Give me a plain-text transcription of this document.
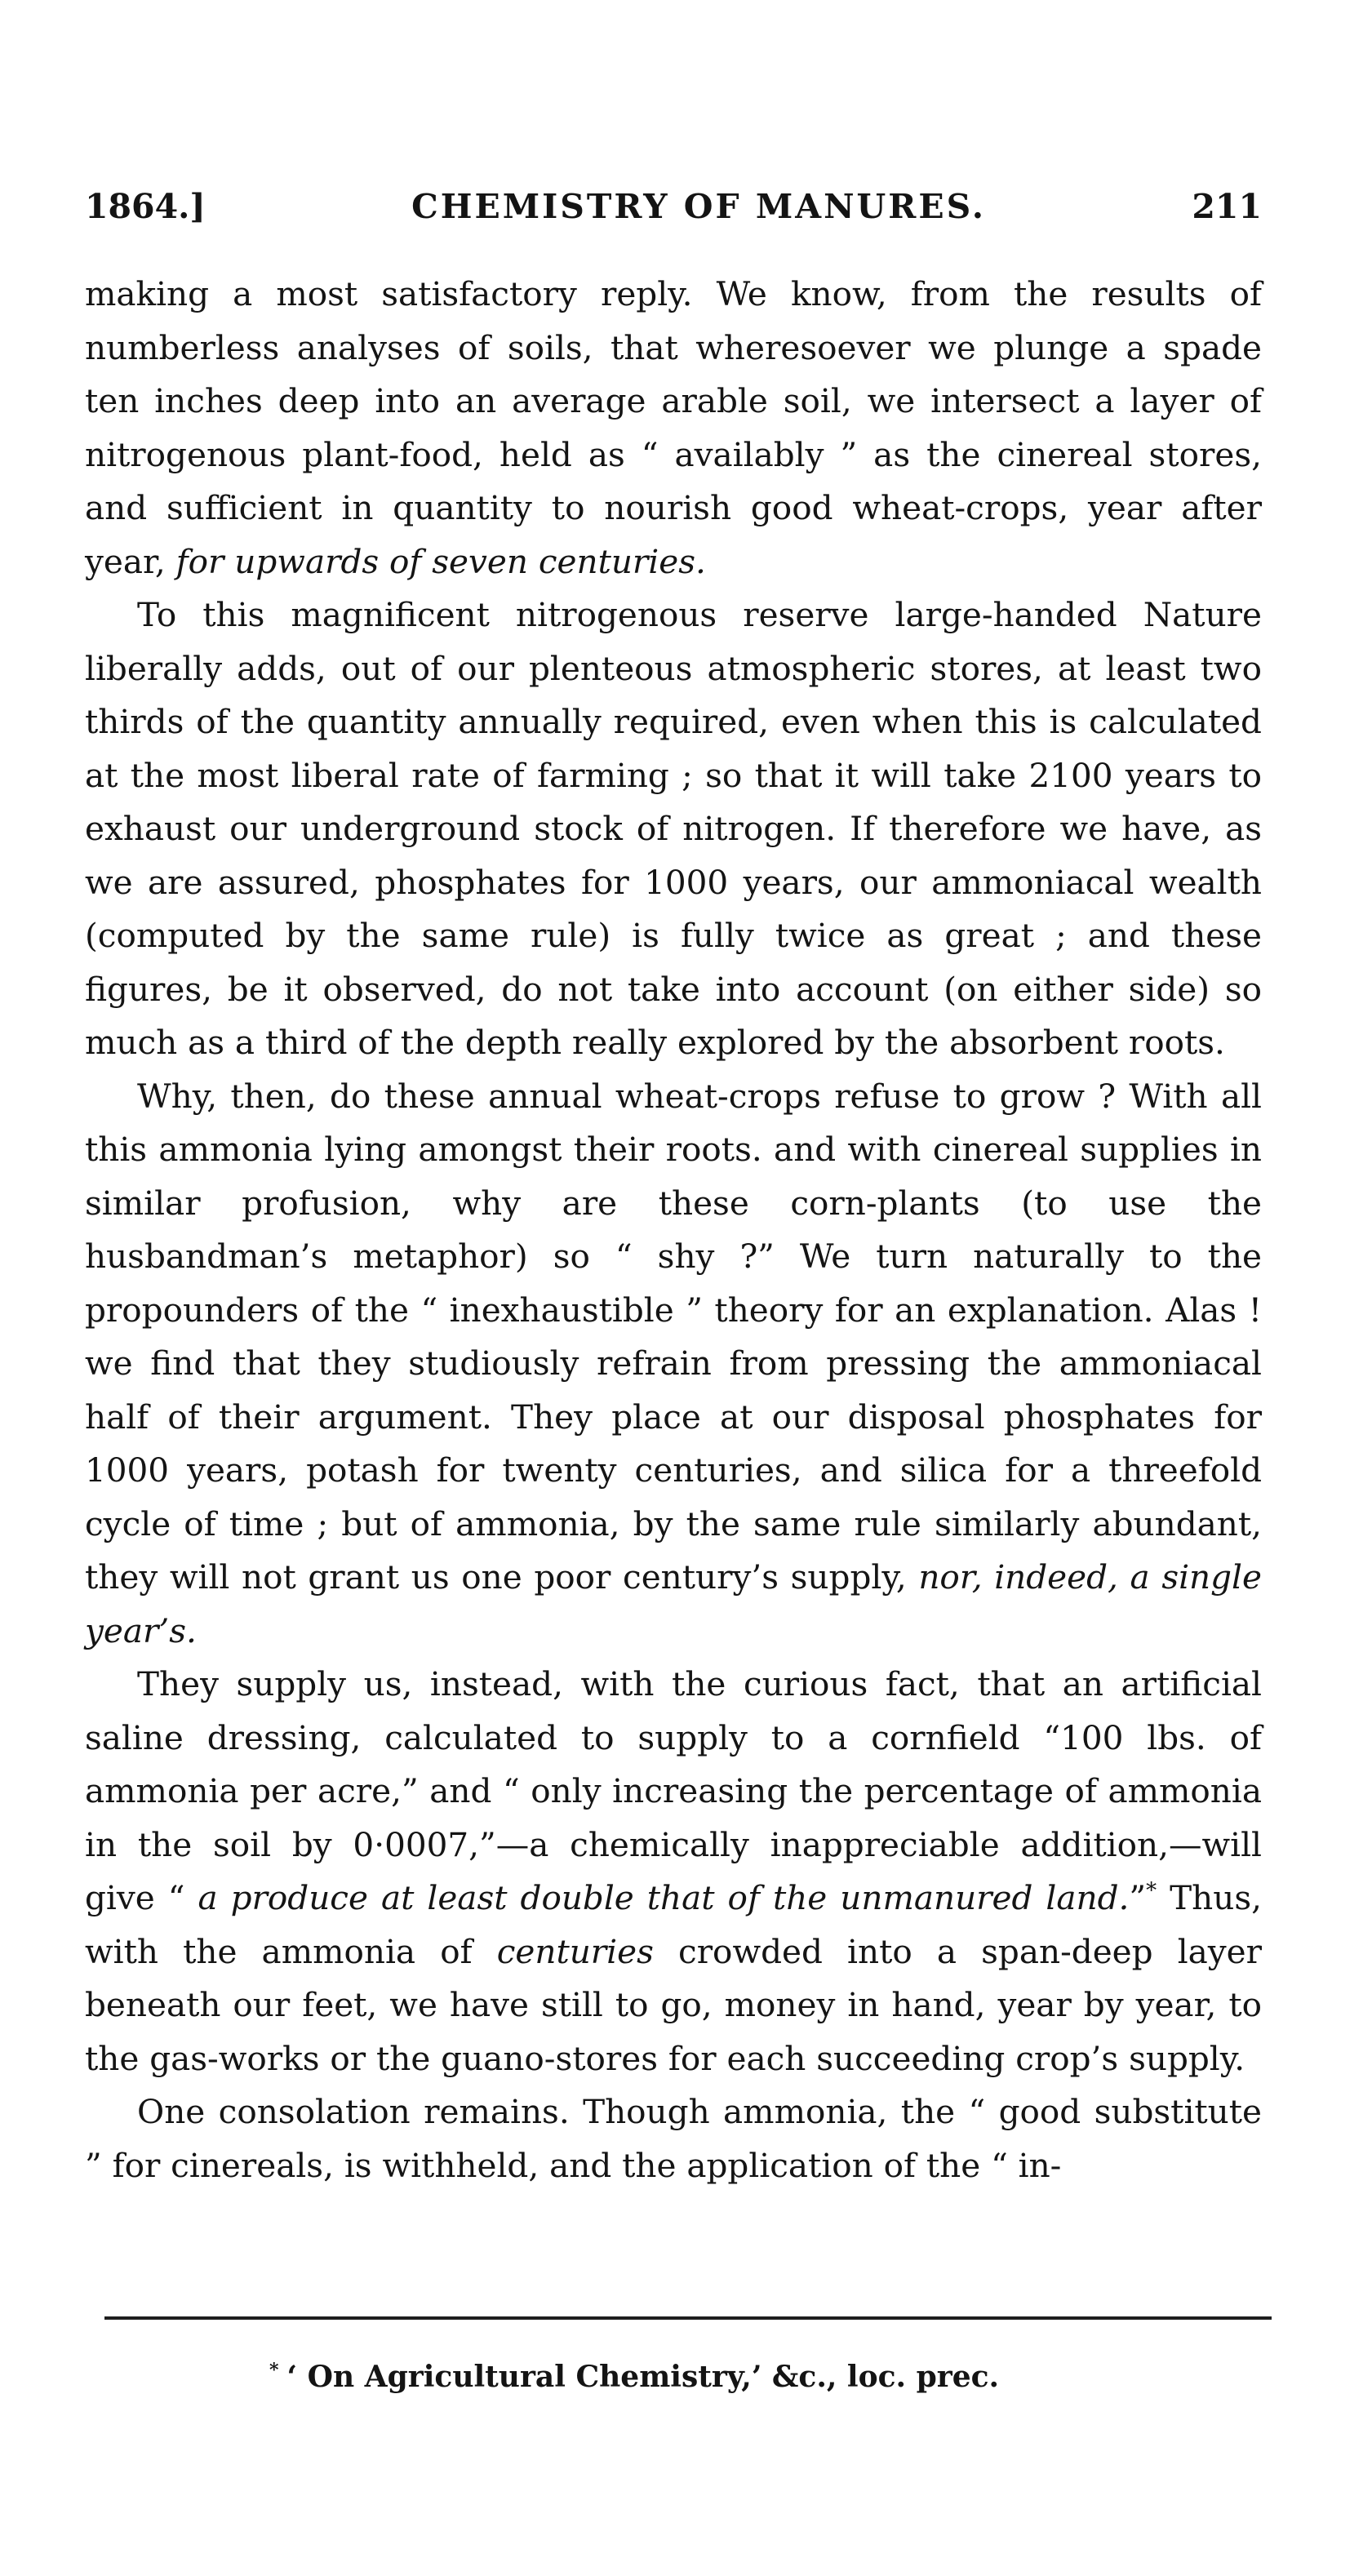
1864.]	CHEMISTRY OF MANURES.	211

making a most satisfactory reply. We know, from the results of numberless analyses of soils, that wheresoever we plunge a spade ten inches deep into an average arable soil, we intersect a layer of nitrogenous plant-food, held as “ availably ” as the cinereal stores, and sufficient in quantity to nourish good wheat-crops, year after year, for upwards of seven centuries.

To this magnificent nitrogenous reserve large-handed Nature liberally adds, out of our plenteous atmospheric stores, at least two thirds of the quantity annually required, even when this is calculated at the most liberal rate of farming ; so that it will take 2100 years to exhaust our underground stock of nitrogen. If therefore we have, as we are assured, phosphates for 1000 years, our ammoniacal wealth (computed by the same rule) is fully twice as great ; and these figures, be it observed, do not take into account (on either side) so much as a third of the depth really explored by the absorbent roots.

Why, then, do these annual wheat-crops refuse to grow ? With all this ammonia lying amongst their roots. and with cinereal supplies in similar profusion, why are these corn-plants (to use the husbandman’s metaphor) so “ shy ?” We turn naturally to the propounders of the “ inexhaustible ” theory for an explanation. Alas ! we find that they studiously refrain from pressing the ammoniacal half of their argument. They place at our disposal phosphates for 1000 years, potash for twenty centuries, and silica for a threefold cycle of time ; but of ammonia, by the same rule similarly abundant, they will not grant us one poor century’s supply, nor, indeed, a single year’s.

They supply us, instead, with the curious fact, that an artificial saline dressing, calculated to supply to a cornfield “100 lbs. of ammonia per acre,” and “ only increasing the percentage of ammonia in the soil by 0·0007,”—a chemically inappreciable addition,—will give “ a produce at least double that of the unmanured land.”* Thus, with the ammonia of centuries crowded into a span-deep layer beneath our feet, we have still to go, money in hand, year by year, to the gas-works or the guano-stores for each succeeding crop’s supply.

One consolation remains. Though ammonia, the “ good substitute ” for cinereals, is withheld, and the application of the “ in-

* ‘ On Agricultural Chemistry,’ &c., loc. prec.
